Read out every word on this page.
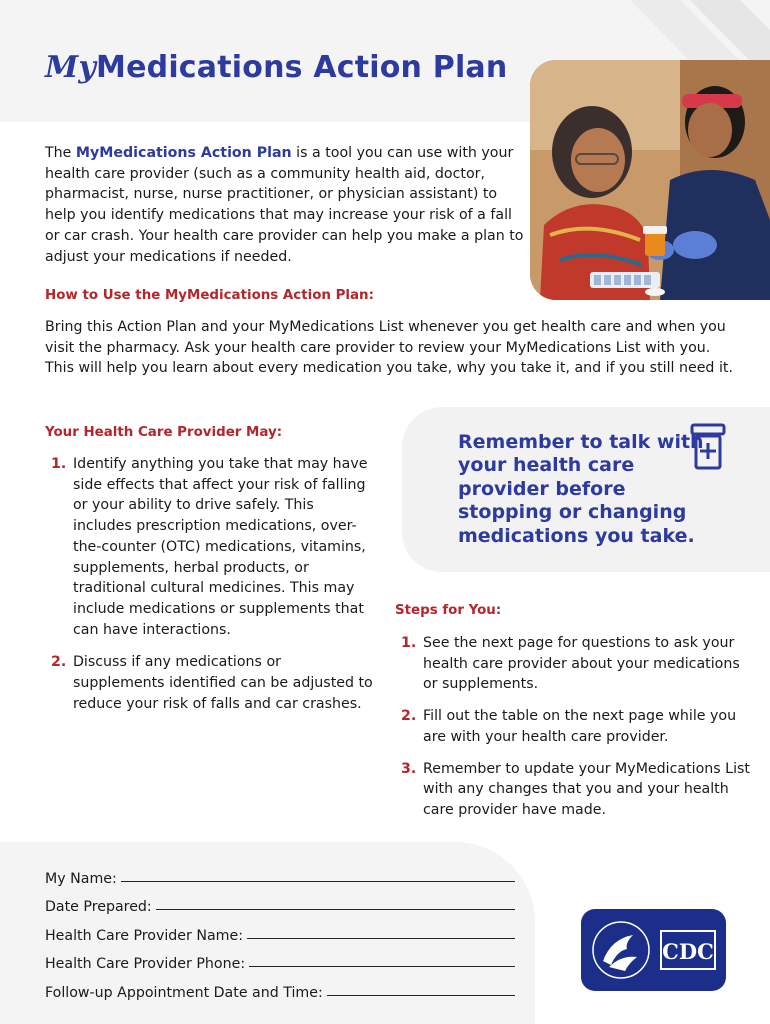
MyMedications Action Plan

The MyMedications Action Plan is a tool you can use with your health care provider (such as a community health aid, doctor, pharmacist, nurse, nurse practitioner, or physician assistant) to help you identify medications that may increase your risk of a fall or car crash. Your health care provider can help you make a plan to adjust your medications if needed.

How to Use the MyMedications Action Plan:

Bring this Action Plan and your MyMedications List whenever you get health care and when you visit the pharmacy. Ask your health care provider to review your MyMedications List with you. This will help you learn about every medication you take, why you take it, and if you still need it.

Your Health Care Provider May:
1. Identify anything you take that may have side effects that affect your risk of falling or your ability to drive safely. This includes prescription medications, over-the-counter (OTC) medications, vitamins, supplements, herbal products, or traditional cultural medicines. This may include medications or supplements that can have interactions.
2. Discuss if any medications or supplements identified can be adjusted to reduce your risk of falls and car crashes.

Remember to talk with your health care provider before stopping or changing medications you take.

Steps for You:
1. See the next page for questions to ask your health care provider about your medications or supplements.
2. Fill out the table on the next page while you are with your health care provider.
3. Remember to update your MyMedications List with any changes that you and your health care provider have made.
My Name:
Date Prepared:
Health Care Provider Name:
Health Care Provider Phone:
Follow-up Appointment Date and Time:
CDC
